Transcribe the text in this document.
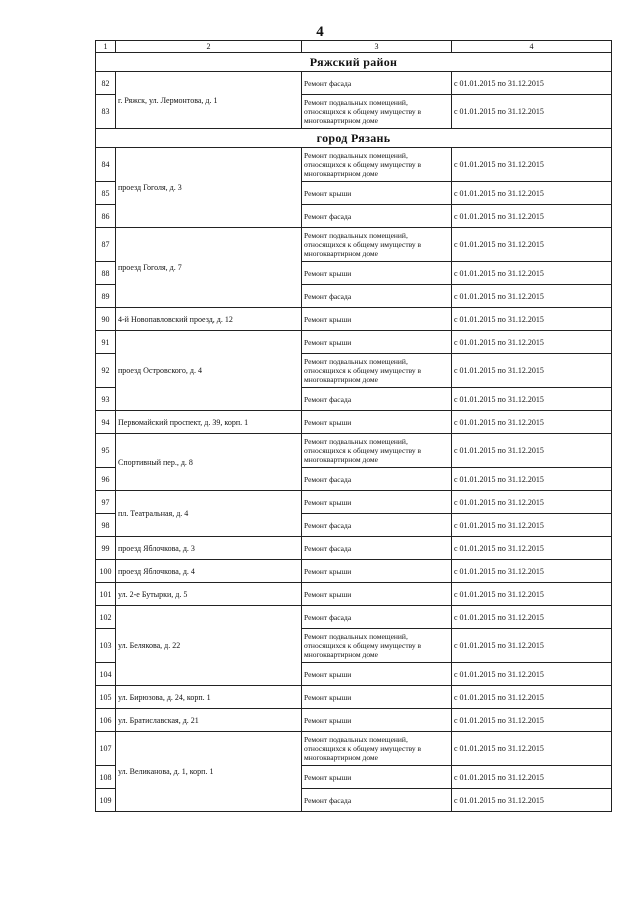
4
1	2	3	4
Ряжский район			
82	г. Ряжск, ул. Лермонтова, д. 1	Ремонт фасада	с 01.01.2015 по 31.12.2015
83		Ремонт подвальных помещений, относящихся к общему имуществу в многоквартирном доме	с 01.01.2015 по 31.12.2015
город Рязань			
84	проезд Гоголя, д. 3	Ремонт подвальных помещений, относящихся к общему имуществу в многоквартирном доме	с 01.01.2015 по 31.12.2015
85		Ремонт крыши	с 01.01.2015 по 31.12.2015
86		Ремонт фасада	с 01.01.2015 по 31.12.2015
87	проезд Гоголя, д. 7	Ремонт подвальных помещений, относящихся к общему имуществу в многоквартирном доме	с 01.01.2015 по 31.12.2015
88		Ремонт крыши	с 01.01.2015 по 31.12.2015
89		Ремонт фасада	с 01.01.2015 по 31.12.2015
90	4-й Новопавловский проезд, д. 12	Ремонт крыши	с 01.01.2015 по 31.12.2015
91	проезд Островского, д. 4	Ремонт крыши	с 01.01.2015 по 31.12.2015
92		Ремонт подвальных помещений, относящихся к общему имуществу в многоквартирном доме	с 01.01.2015 по 31.12.2015
93		Ремонт фасада	с 01.01.2015 по 31.12.2015
94	Первомайский проспект, д. 39, корп. 1	Ремонт крыши	с 01.01.2015 по 31.12.2015
95	Спортивный пер., д. 8	Ремонт подвальных помещений, относящихся к общему имуществу в многоквартирном доме	с 01.01.2015 по 31.12.2015
96		Ремонт фасада	с 01.01.2015 по 31.12.2015
97	пл. Театральная, д. 4	Ремонт крыши	с 01.01.2015 по 31.12.2015
98		Ремонт фасада	с 01.01.2015 по 31.12.2015
99	проезд Яблочкова, д. 3	Ремонт фасада	с 01.01.2015 по 31.12.2015
100	проезд Яблочкова, д. 4	Ремонт крыши	с 01.01.2015 по 31.12.2015
101	ул. 2-е Бутырки, д. 5	Ремонт крыши	с 01.01.2015 по 31.12.2015
102	ул. Белякова, д. 22	Ремонт фасада	с 01.01.2015 по 31.12.2015
103		Ремонт подвальных помещений, относящихся к общему имуществу в многоквартирном доме	с 01.01.2015 по 31.12.2015
104		Ремонт крыши	с 01.01.2015 по 31.12.2015
105	ул. Бирюзова, д. 24, корп. 1	Ремонт крыши	с 01.01.2015 по 31.12.2015
106	ул. Братиславская, д. 21	Ремонт крыши	с 01.01.2015 по 31.12.2015
107	ул. Великанова, д. 1, корп. 1	Ремонт подвальных помещений, относящихся к общему имуществу в многоквартирном доме	с 01.01.2015 по 31.12.2015
108		Ремонт крыши	с 01.01.2015 по 31.12.2015
109		Ремонт фасада	с 01.01.2015 по 31.12.2015
